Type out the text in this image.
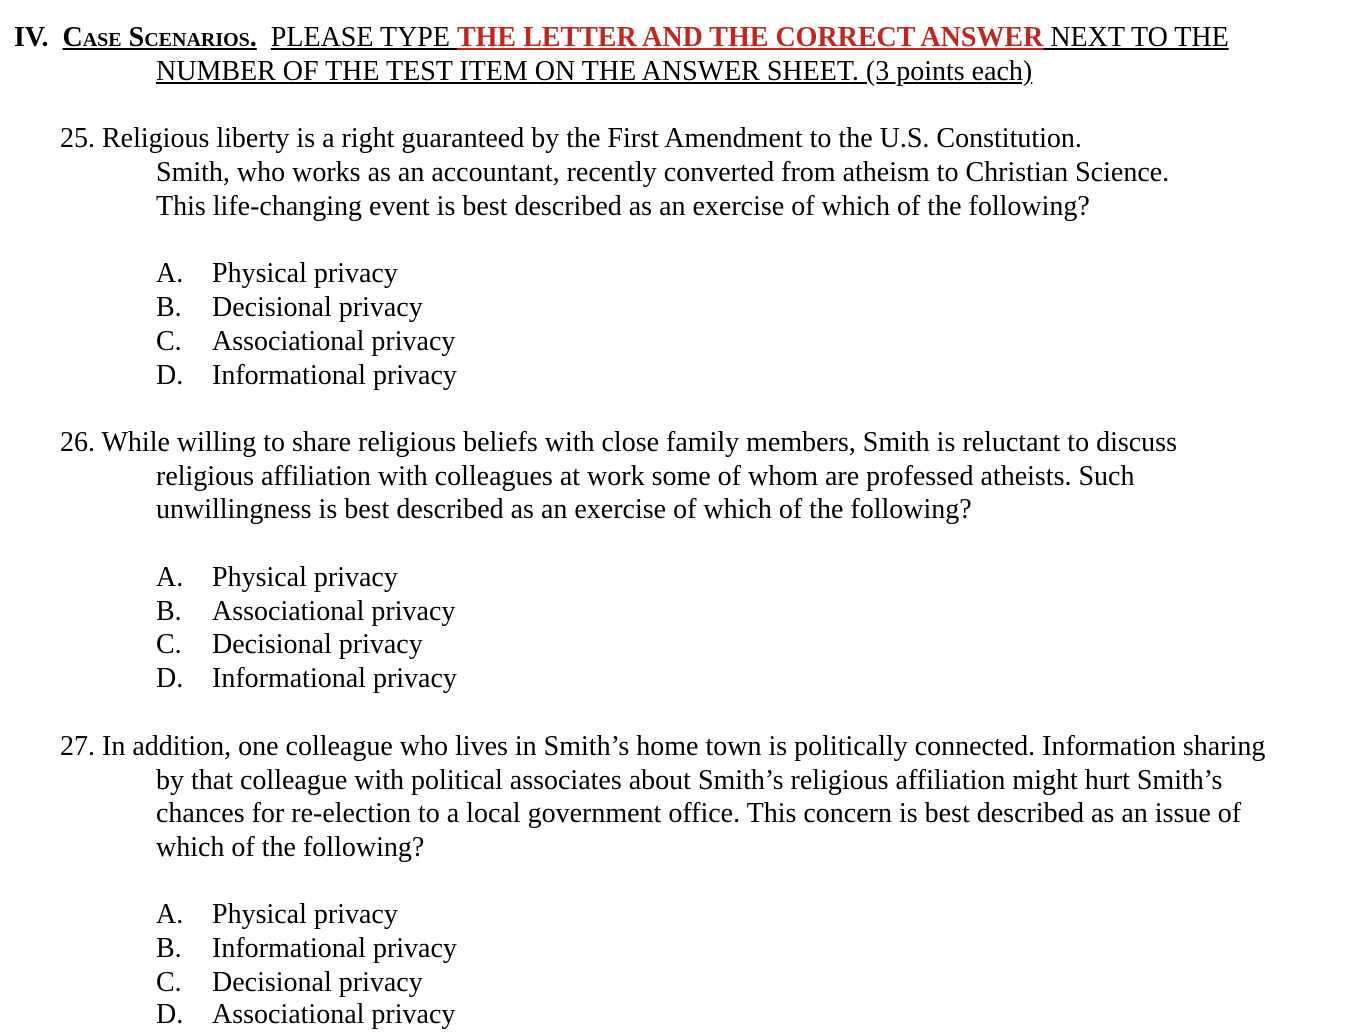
IV. Case Scenarios. PLEASE TYPE THE LETTER AND THE CORRECT ANSWER NEXT TO THE
NUMBER OF THE TEST ITEM ON THE ANSWER SHEET. (3 points each)
25. Religious liberty is a right guaranteed by the First Amendment to the U.S. Constitution.
Smith, who works as an accountant, recently converted from atheism to Christian Science.
This life-changing event is best described as an exercise of which of the following?
A. Physical privacy
B. Decisional privacy
C. Associational privacy
D. Informational privacy
26. While willing to share religious beliefs with close family members, Smith is reluctant to discuss
religious affiliation with colleagues at work some of whom are professed atheists. Such
unwillingness is best described as an exercise of which of the following?
A. Physical privacy
B. Associational privacy
C. Decisional privacy
D. Informational privacy
27. In addition, one colleague who lives in Smith’s home town is politically connected. Information sharing
by that colleague with political associates about Smith’s religious affiliation might hurt Smith’s
chances for re-election to a local government office. This concern is best described as an issue of
which of the following?
A. Physical privacy
B. Informational privacy
C. Decisional privacy
D. Associational privacy
